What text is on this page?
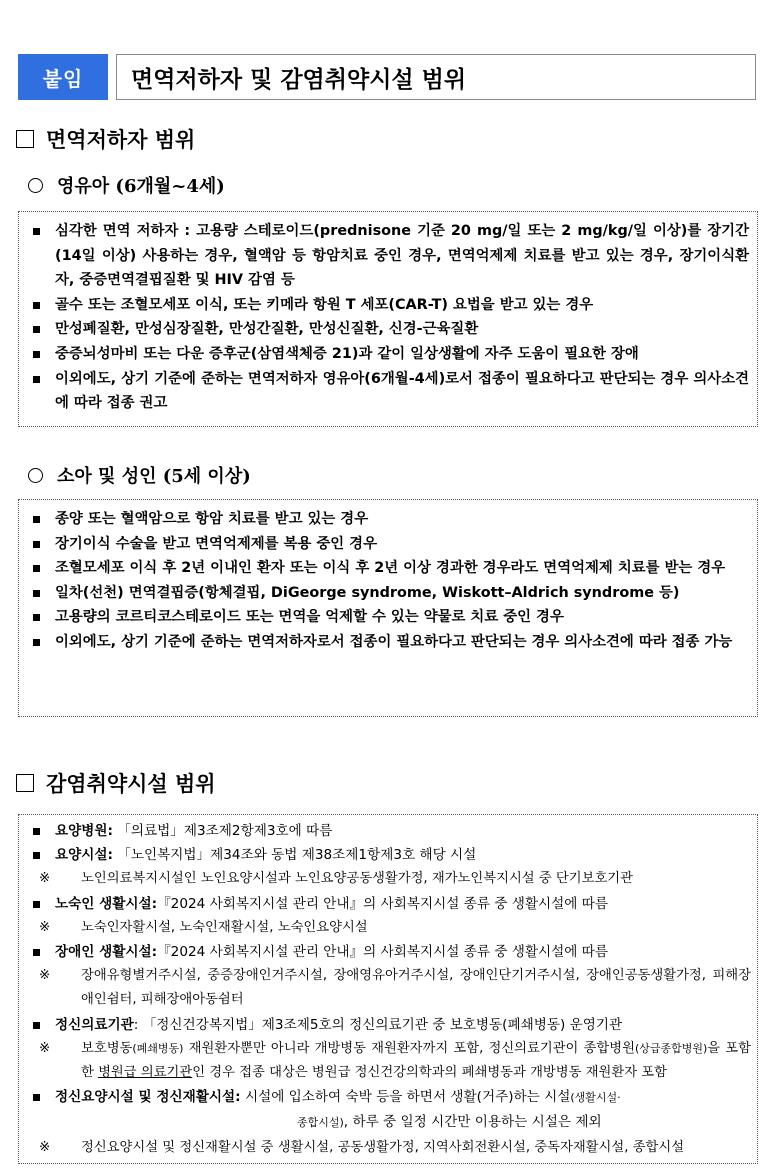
붙임	면역저하자 및 감염취약시설 범위
면역저하자 범위
영유아 (6개월~4세)
심각한 면역 저하자 : 고용량 스테로이드(prednisone 기준 20 mg/일 또는 2 mg/kg/일 이상)를 장기간(14일 이상) 사용하는 경우, 혈액암 등 항암치료 중인 경우, 면역억제제 치료를 받고 있는 경우, 장기이식환자, 중증면역결핍질환 및 HIV 감염 등
골수 또는 조혈모세포 이식, 또는 키메라 항원 T 세포(CAR-T) 요법을 받고 있는 경우
만성폐질환, 만성심장질환, 만성간질환, 만성신질환, 신경-근육질환
중증뇌성마비 또는 다운 증후군(삼염색체증 21)과 같이 일상생활에 자주 도움이 필요한 장애
이외에도, 상기 기준에 준하는 면역저하자 영유아(6개월-4세)로서 접종이 필요하다고 판단되는 경우 의사소견에 따라 접종 권고
소아 및 성인 (5세 이상)
종양 또는 혈액암으로 항암 치료를 받고 있는 경우
장기이식 수술을 받고 면역억제제를 복용 중인 경우
조혈모세포 이식 후 2년 이내인 환자 또는 이식 후 2년 이상 경과한 경우라도 면역억제제 치료를 받는 경우
일차(선천) 면역결핍증(항체결핍, DiGeorge syndrome, Wiskott–Aldrich syndrome 등)
고용량의 코르티코스테로이드 또는 면역을 억제할 수 있는 약물로 치료 중인 경우
이외에도, 상기 기준에 준하는 면역저하자로서 접종이 필요하다고 판단되는 경우 의사소견에 따라 접종 가능
감염취약시설 범위
요양병원: 「의료법」제3조제2항제3호에 따름
요양시설: 「노인복지법」제34조와 동법 제38조제1항제3호 해당 시설
※ 노인의료복지시설인 노인요양시설과 노인요양공동생활가정, 재가노인복지시설 중 단기보호기관
노숙인 생활시설:『2024 사회복지시설 관리 안내』의 사회복지시설 종류 중 생활시설에 따름
※ 노숙인자활시설, 노숙인재활시설, 노숙인요양시설
장애인 생활시설:『2024 사회복지시설 관리 안내』의 사회복지시설 종류 중 생활시설에 따름
※ 장애유형별거주시설, 중증장애인거주시설, 장애영유아거주시설, 장애인단기거주시설, 장애인공동생활가정, 피해장애인쉼터, 피해장애아동쉼터
정신의료기관: 「정신건강복지법」제3조제5호의 정신의료기관 중 보호병동(폐쇄병동) 운영기관
※ 보호병동(폐쇄병동) 재원환자뿐만 아니라 개방병동 재원환자까지 포함, 정신의료기관이 종합병원(상급종합병원)을 포함한 병원급 의료기관인 경우 접종 대상은 병원급 정신건강의학과의 폐쇄병동과 개방병동 재원환자 포함
정신요양시설 및 정신재활시설: 시설에 입소하여 숙박 등을 하면서 생활(거주)하는 시설(생활시설·
종합시설), 하루 중 일정 시간만 이용하는 시설은 제외
※ 정신요양시설 및 정신재활시설 중 생활시설, 공동생활가정, 지역사회전환시설, 중독자재활시설, 종합시설
